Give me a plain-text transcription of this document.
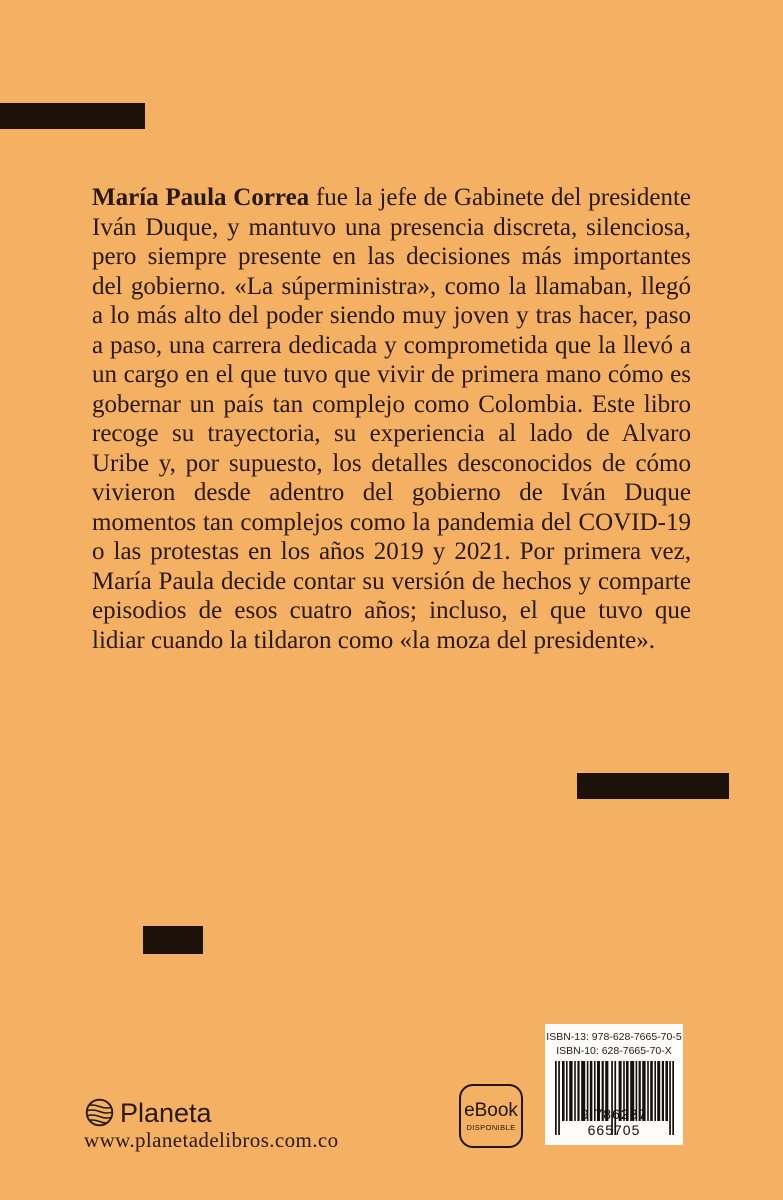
María Paula Correa fue la jefe de Gabinete del presidente Iván Duque, y mantuvo una presencia discreta, silenciosa, pero siempre presente en las decisiones más importantes del gobierno. «La súperministra», como la llamaban, llegó a lo más alto del poder siendo muy joven y tras hacer, paso a paso, una carrera dedicada y comprometida que la llevó a un cargo en el que tuvo que vivir de primera mano cómo es gobernar un país tan complejo como Colombia. Este libro recoge su trayectoria, su experiencia al lado de Alvaro Uribe y, por supuesto, los detalles desconocidos de cómo vivieron desde adentro del gobierno de Iván Duque momentos tan complejos como la pandemia del COVID-19 o las protestas en los años 2019 y 2021. Por primera vez, María Paula decide contar su versión de hechos y comparte episodios de esos cuatro años; incluso, el que tuvo que lidiar cuando la tildaron como «la moza del presidente».

ISBN-13: 978-628-7665-70-5
ISBN-10: 628-7665-70-X
9 786287 665705
eBook
DISPONIBLE
Planeta
www.planetadelibros.com.co
